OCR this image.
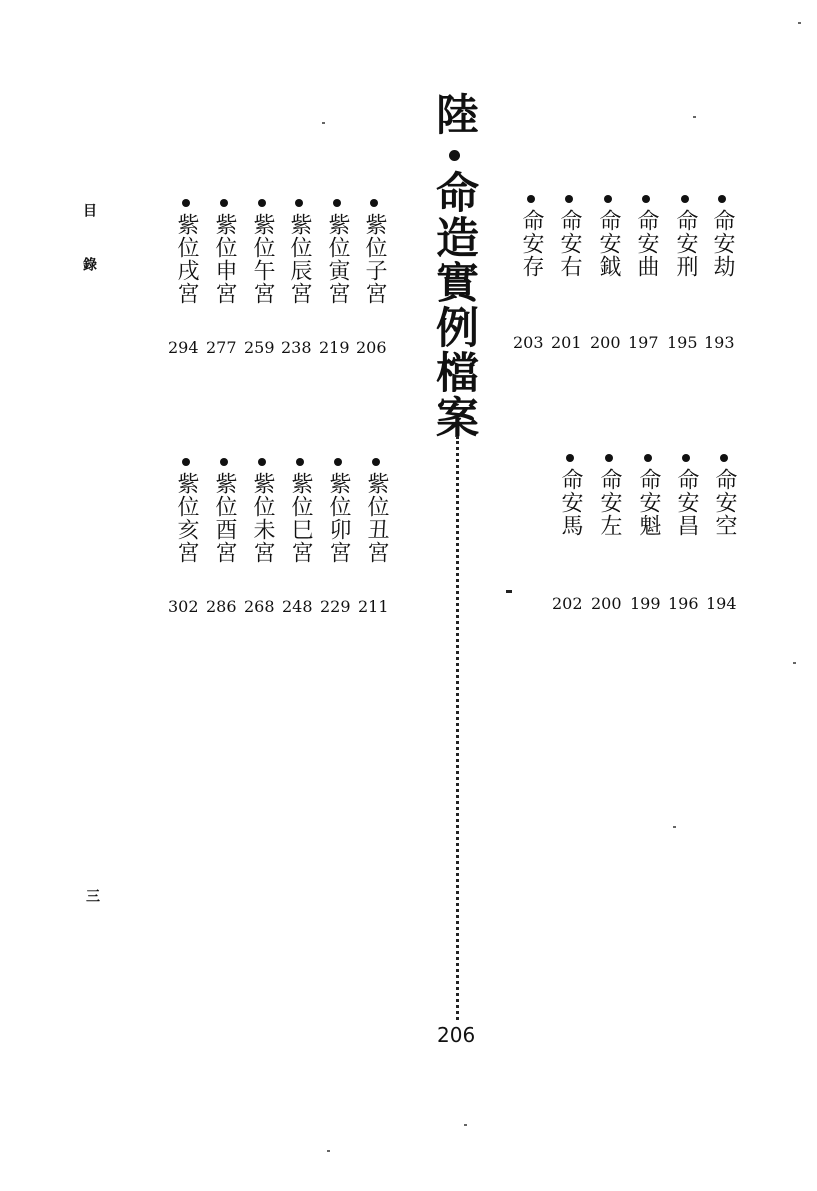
目錄
三
陸
命造實例檔案
206
紫位子宮
206
紫位寅宮
219
紫位辰宮
238
紫位午宮
259
紫位申宮
277
紫位戌宮
294
紫位丑宮
211
紫位卯宮
229
紫位巳宮
248
紫位未宮
268
紫位酉宮
286
紫位亥宮
302
命安劫
193
命安刑
195
命安曲
197
命安鉞
200
命安右
201
命安存
203
命安空
194
命安昌
196
命安魁
199
命安左
200
命安馬
202
